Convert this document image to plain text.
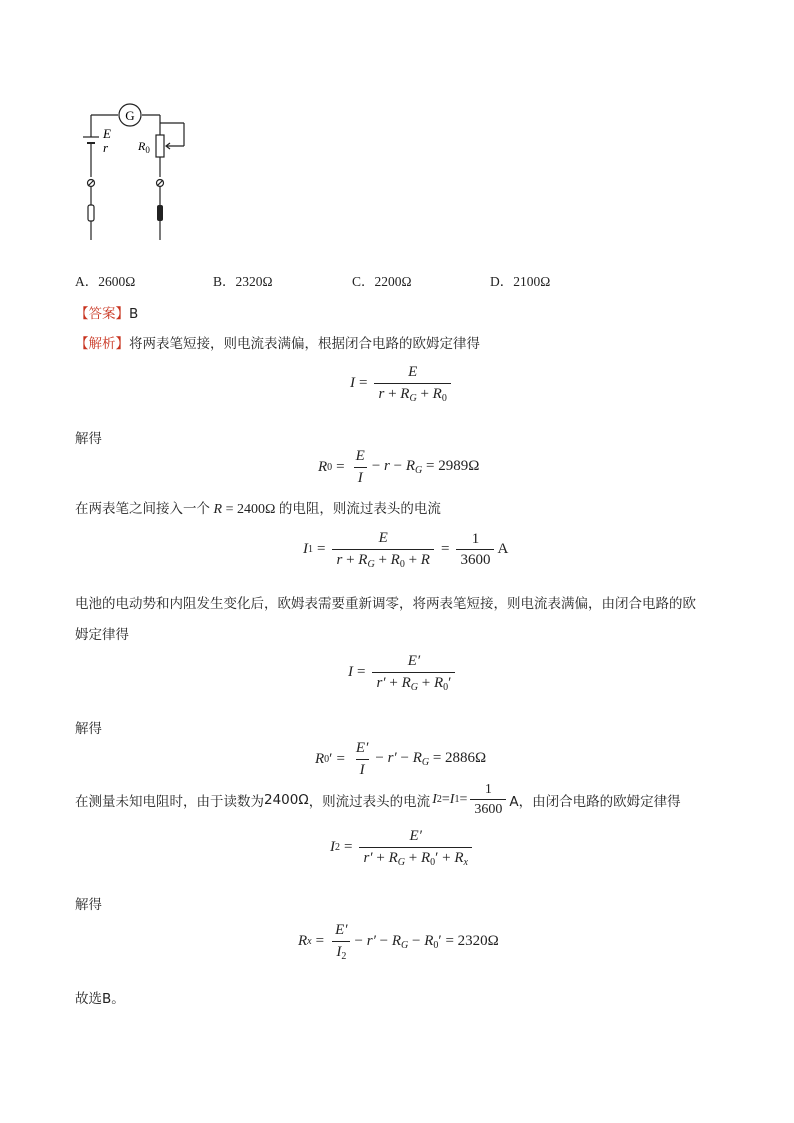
G
E
r $R_0$
A．2600Ω	B．2320Ω	C．2200Ω	D．2100Ω
【答案】B
【解析】将两表笔短接，则电流表满偏，根据闭合电路的欧姆定律得
$I = \frac{E}{r + R_G + R_0}$
解得
R $0 = \frac{E}{I} - r - R_G = 2989\Omega$
在两表笔之间接入一个 R = 2400Ω 的电阻，则流过表头的电流
I $1 = \frac{E}{r + R_G + R_0 + R} = \frac{1}{3600}$ A
电池的电动势和内阻发生变化后，欧姆表需要重新调零，将两表笔短接，则电流表满偏，由闭合电路的欧
姆定律得
$I = \frac{E'}{r' + R_G + R_0'}$
解得
R 0 ′ = $\frac{E'}{I} - r' - R_G = 2886\Omega$
在测量未知电阻时，由于读数为 2400Ω ，则流过表头的电流 I 2 = I $1 = \frac{1}{3600}$ A，由闭合电路的欧姆定律得
I $2 = \frac{E'}{r' + R_G + R_0' + R_x}$
解得
R $x = \frac{E'}{I_2} - r' - R_G - R_0' = 2320\Omega$
故选B。
